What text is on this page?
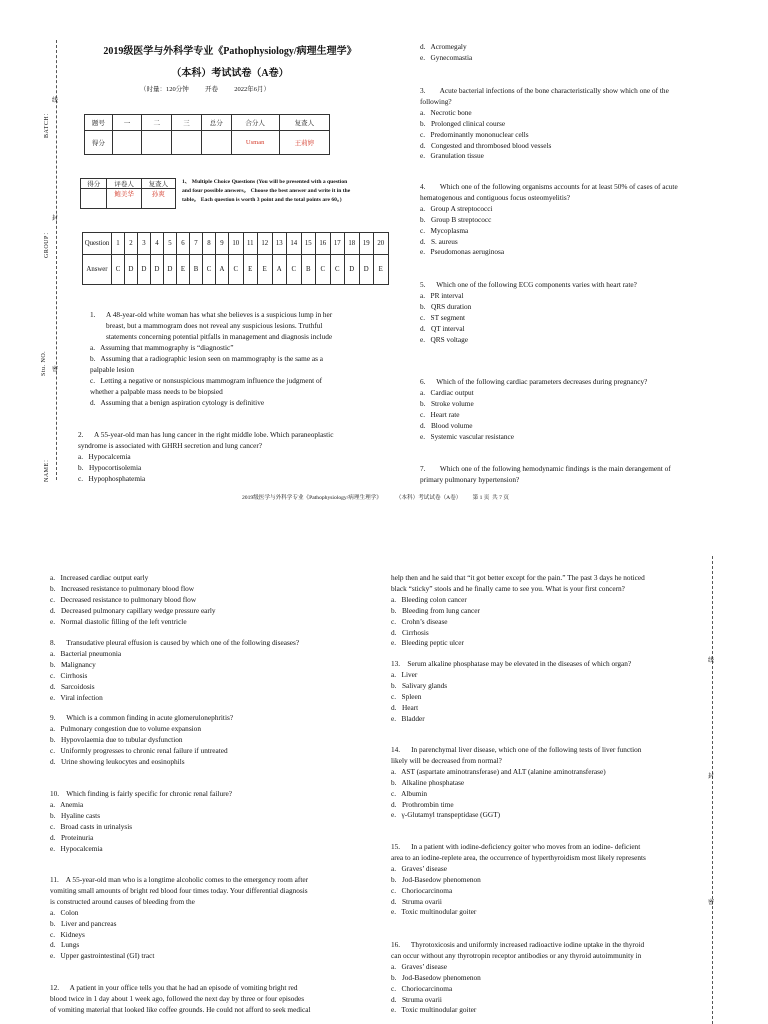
BATCH：
线
GROUP：
封
Stu. NO. 密
NAME：
2019级医学与外科学专业《Pathophysiology/病理生理学》
（本科）考试试卷（A卷）
（时量：120分钟          开卷          2022年6月）
题号	一	二	三	总分	合分人	复查人
得分					Usman	王莉婷
得分	评卷人	复查人
	鲍美华	孙爽
1、 Multiple Choice Questions (You will be presented with a question
and four possible answers。 Choose the best answer and write it in the
table。 Each question is worth 3 point and the total points are 60。)
Question	1	2	3	4	5	6	7	8	9	10	11	12	13	14	15	16	17	18	19	20
Answer	C	D	D	D	D	E	B	C	A	C	E	E	A	C	B	C	C	D	D	E
1.      A 48-year-old white woman has what she believes is a suspicious lump in her
breast, but a mammogram does not reveal any suspicious lesions. Truthful
statements concerning potential pitfalls in management and diagnosis include
a.   Assuming that mammography is “diagnostic”
b.   Assuming that a radiographic lesion seen on mammography is the same as a
palpable lesion
c.   Letting a negative or nonsuspicious mammogram influence the judgment of
whether a palpable mass needs to be biopsied
d.   Assuming that a benign aspiration cytology is definitive
2.      A 55-year-old man has lung cancer in the right middle lobe. Which paraneoplastic
syndrome is associated with GHRH secretion and lung cancer?
a.   Hypocalcemia
b.   Hypocortisolemia
c.   Hypophosphatemia
d.   Acromegaly
e.   Gynecomastia
3.        Acute bacterial infections of the bone characteristically show which one of the
following?
a.   Necrotic bone
b.   Prolonged clinical course
c.   Predominantly mononuclear cells
d.   Congested and thrombosed blood vessels
e.   Granulation tissue
4.        Which one of the following organisms accounts for at least 50% of cases of acute
hematogenous and contiguous focus osteomyelitis?
a.   Group A streptococci
b.   Group B streptococc
c.   Mycoplasma
d.   S. aureus
e.   Pseudomonas aeruginosa
5.      Which one of the following ECG components varies with heart rate?
a.   PR interval
b.   QRS duration
c.   ST segment
d.   QT interval
e.   QRS voltage
6.      Which of the following cardiac parameters decreases during pregnancy?
a.   Cardiac output
b.   Stroke volume
c.   Heart rate
d.   Blood volume
e.   Systemic vascular resistance
7.        Which one of the following hemodynamic findings is the main derangement of
primary pulmonary hypertension?
2019级医学与外科学专业《Pathophysiology/病理生理学》          （本科）考试试卷（A卷）        第 1 页  共 7 页
a.   Increased cardiac output early
b.   Increased resistance to pulmonary blood flow
c.   Decreased resistance to pulmonary blood flow
d.   Decreased pulmonary capillary wedge pressure early
e.   Normal diastolic filling of the left ventricle
8.      Transudative pleural effusion is caused by which one of the following diseases?
a.   Bacterial pneumonia
b.   Malignancy
c.   Cirrhosis
d.   Sarcoidosis
e.   Viral infection
9.      Which is a common finding in acute glomerulonephritis?
a.   Pulmonary congestion due to volume expansion
b.   Hypovolaemia due to tubular dysfunction
c.   Uniformly progresses to chronic renal failure if untreated
d.   Urine showing leukocytes and eosinophils
10.    Which finding is fairly specific for chronic renal failure?
a.   Anemia
b.   Hyaline casts
c.   Broad casts in urinalysis
d.   Proteinuria
e.   Hypocalcemia
11.    A 55-year-old man who is a longtime alcoholic comes to the emergency room after
vomiting small amounts of bright red blood four times today. Your differential diagnosis
is constructed around causes of bleeding from the
a.   Colon
b.   Liver and pancreas
c.   Kidneys
d.   Lungs
e.   Upper gastrointestinal (GI) tract
12.      A patient in your office tells you that he had an episode of vomiting bright red
blood twice in 1 day about 1 week ago, followed the next day by three or four episodes
of vomiting material that looked like coffee grounds. He could not afford to seek medical
help then and he said that “it got better except for the pain.” The past 3 days he noticed
black “sticky” stools and he finally came to see you. What is your first concern?
a.   Bleeding colon cancer
b.   Bleeding from lung cancer
c.   Crohn’s disease
d.   Cirrhosis
e.   Bleeding peptic ulcer
13.    Serum alkaline phosphatase may be elevated in the diseases of which organ?
a.   Liver
b.   Salivary glands
c.   Spleen
d.   Heart
e.   Bladder
14.      In parenchymal liver disease, which one of the following tests of liver function
likely will be decreased from normal?
a.   AST (aspartate aminotransferase) and ALT (alanine aminotransferase)
b.   Alkaline phosphatase
c.   Albumin
d.   Prothrombin time
e.   γ-Glutamyl transpeptidase (GGT)
15.      In a patient with iodine-deficiency goiter who moves from an iodine- deficient
area to an iodine-replete area, the occurrence of hyperthyroidism most likely represents
a.   Graves’ disease
b.   Jod-Basedow phenomenon
c.   Choriocarcinoma
d.   Struma ovarii
e.   Toxic multinodular goiter
16.      Thyrotoxicosis and uniformly increased radioactive iodine uptake in the thyroid
can occur without any thyrotropin receptor antibodies or any thyroid autoimmunity in
a.   Graves’ disease
b.   Jod-Basedow phenomenon
c.   Choriocarcinoma
d.   Struma ovarii
e.   Toxic multinodular goiter
线
封
密
